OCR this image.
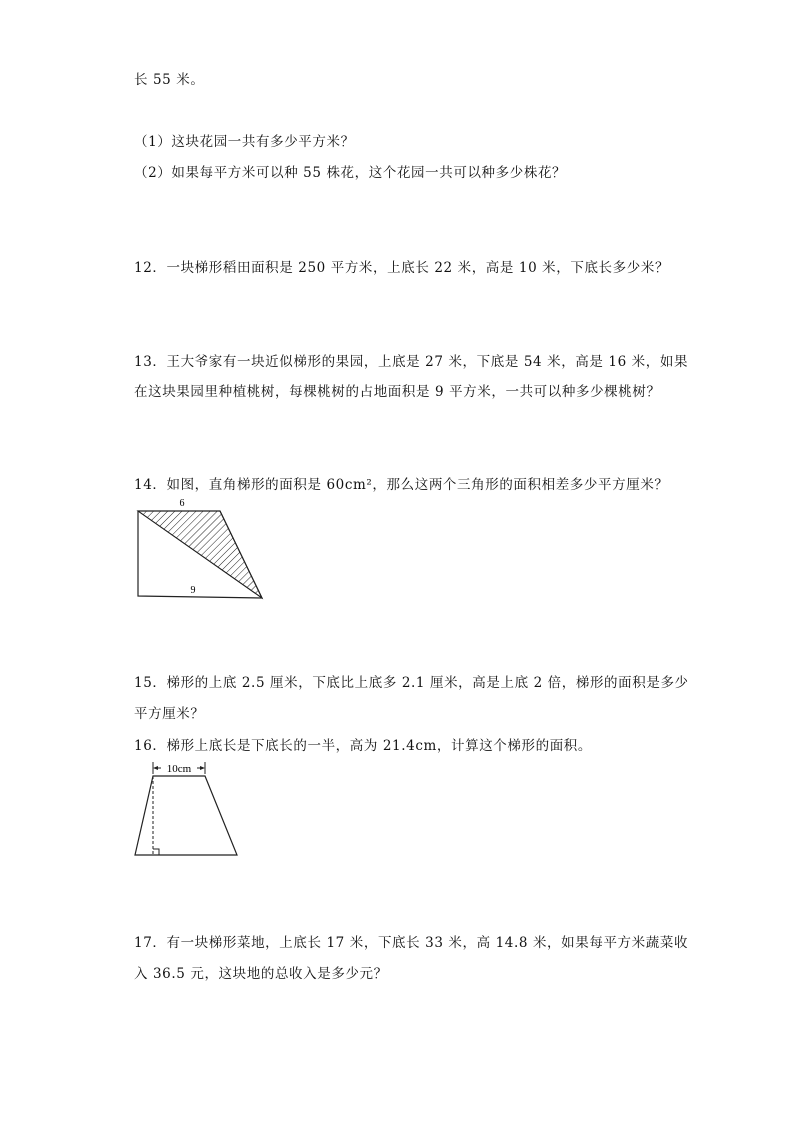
长 55 米。
（1）这块花园一共有多少平方米？
（2）如果每平方米可以种 55 株花，这个花园一共可以种多少株花？
12．一块梯形稻田面积是 250 平方米，上底长 22 米，高是 10 米，下底长多少米？
13．王大爷家有一块近似梯形的果园，上底是 27 米，下底是 54 米，高是 16 米，如果
在这块果园里种植桃树，每棵桃树的占地面积是 9 平方米，一共可以种多少棵桃树？
14．如图，直角梯形的面积是 60cm²，那么这两个三角形的面积相差多少平方厘米？
6
9
15．梯形的上底 2.5 厘米，下底比上底多 2.1 厘米，高是上底 2 倍，梯形的面积是多少
平方厘米？
16．梯形上底长是下底长的一半，高为 21.4cm，计算这个梯形的面积。
10cm
17．有一块梯形菜地，上底长 17 米，下底长 33 米，高 14.8 米，如果每平方米蔬菜收
入 36.5 元，这块地的总收入是多少元？
